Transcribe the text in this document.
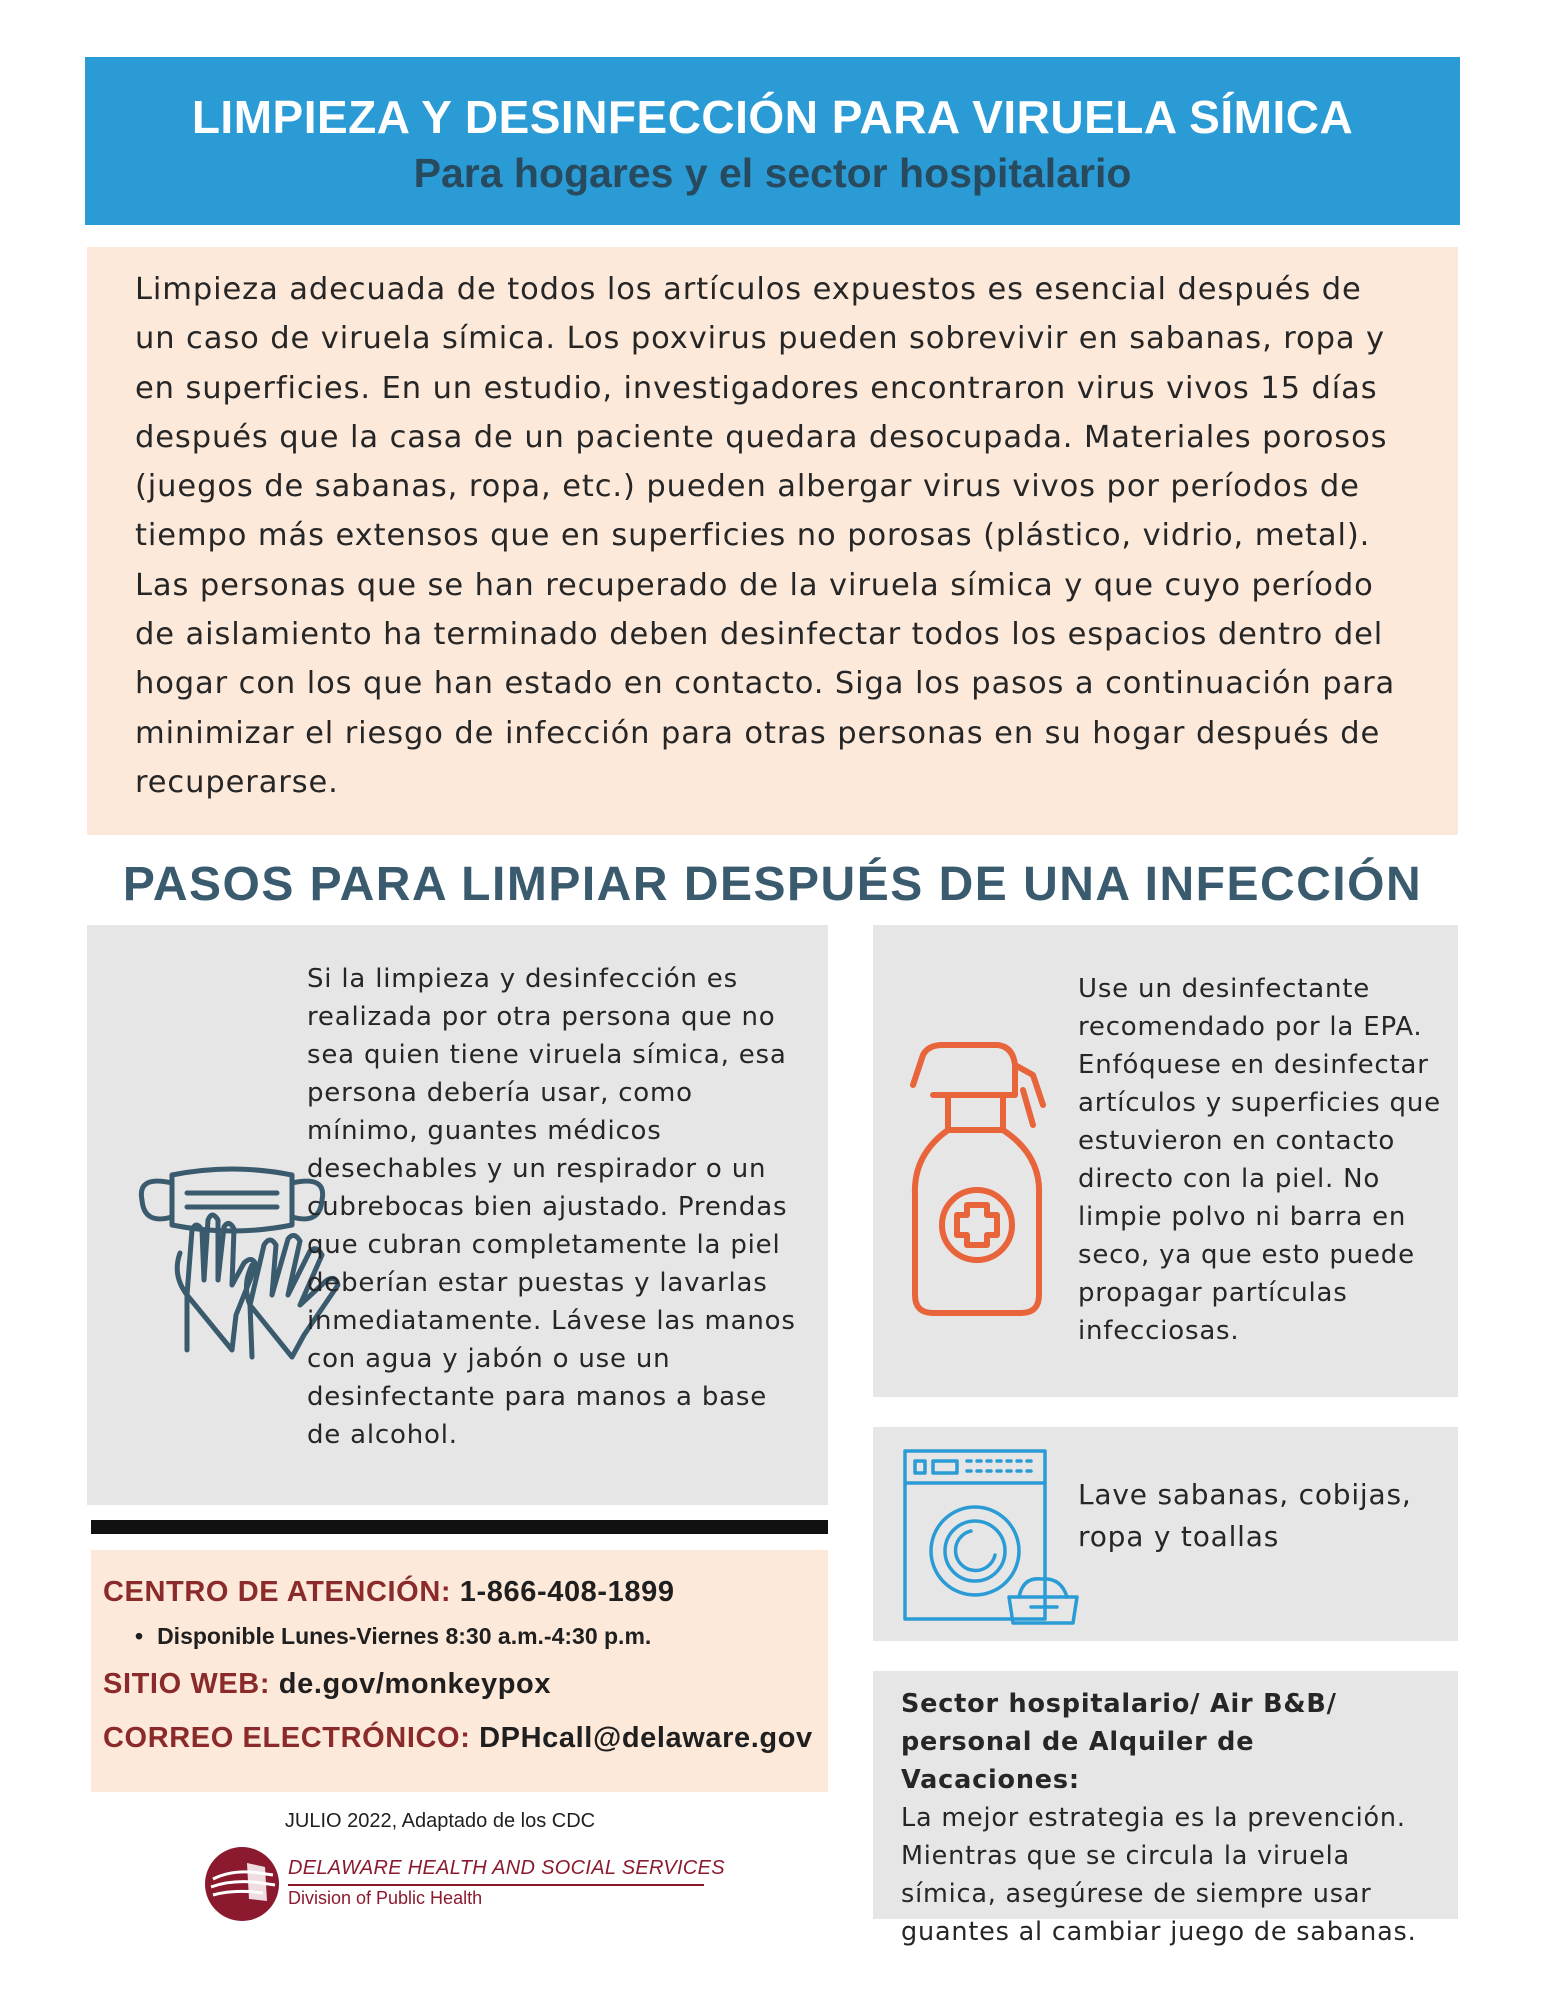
LIMPIEZA Y DESINFECCIÓN PARA VIRUELA SÍMICA
Para hogares y el sector hospitalario
Limpieza adecuada de todos los artículos expuestos es esencial después de un caso de viruela símica. Los poxvirus pueden sobrevivir en sabanas, ropa y en superficies. En un estudio, investigadores encontraron virus vivos 15 días después que la casa de un paciente quedara desocupada. Materiales porosos (juegos de sabanas, ropa, etc.) pueden albergar virus vivos por períodos de tiempo más extensos que en superficies no porosas (plástico, vidrio, metal). Las personas que se han recuperado de la viruela símica y que cuyo período de aislamiento ha terminado deben desinfectar todos los espacios dentro del hogar con los que han estado en contacto. Siga los pasos a continuación para minimizar el riesgo de infección para otras personas en su hogar después de recuperarse.
PASOS PARA LIMPIAR DESPUÉS DE UNA INFECCIÓN
Si la limpieza y desinfección es realizada por otra persona que no sea quien tiene viruela símica, esa persona debería usar, como mínimo, guantes médicos desechables y un respirador o un cubrebocas bien ajustado. Prendas que cubran completamente la piel deberían estar puestas y lavarlas inmediatamente. Lávese las manos con agua y jabón o use un desinfectante para manos a base de alcohol.
Use un desinfectante recomendado por la EPA. Enfóquese en desinfectar artículos y superficies que estuvieron en contacto directo con la piel. No limpie polvo ni barra en seco, ya que esto puede propagar partículas infecciosas.
Lave sabanas, cobijas, ropa y toallas
Sector hospitalario/ Air B&B/ personal de Alquiler de Vacaciones:
La mejor estrategia es la prevención. Mientras que se circula la viruela símica, asegúrese de siempre usar guantes al cambiar juego de sabanas.
CENTRO DE ATENCIÓN: 1-866-408-1899
• Disponible Lunes-Viernes 8:30 a.m.-4:30 p.m.
SITIO WEB: de.gov/monkeypox
CORREO ELECTRÓNICO: DPHcall@delaware.gov
JULIO 2022, Adaptado de los CDC
DELAWARE HEALTH AND SOCIAL SERVICES
Division of Public Health
